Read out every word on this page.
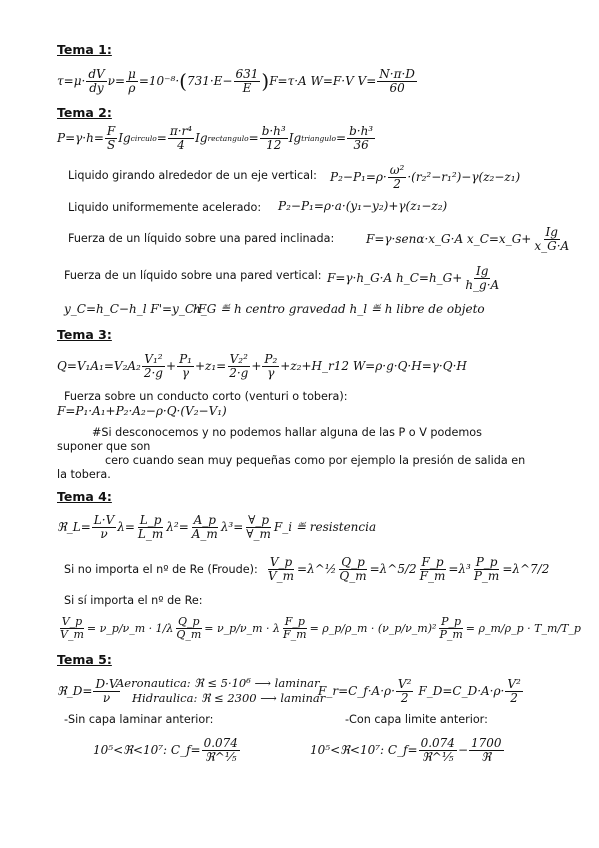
Tema 1:
$\tau=\mu\cdot \frac{dV}{dy} \nu= \frac{\mu}{\rho} =10^{-8}\cdot$ ( $731\cdot E- \frac{631}{E}$ ) F=τ·A W=F·V $V= \frac{N\cdot\pi\cdot D}{60}$
Tema 2:
$P=\gamma\cdot h= \frac{F}{S}$ Ig circulo = $\frac{\text{π·r⁴}}{4}$ Ig rectangulo = $\frac{\text{b·h³}}{12}$ Ig triangulo = $\frac{\text{b·h³}}{36}$
Liquido girando alrededor de un eje vertical: $P_2-P_1=\rho\cdot \frac{\text{ω²}}{2} \cdot(r_2^2-r_1^2)-\gamma(z_2-z_1)$
Liquido uniformemente acelerado: P₂−P₁=ρ·a·(y₁−y₂)+γ(z₁−z₂)
Fuerza de un líquido sobre una pared inclinada:	F=γ·senα·x_G·A x_C=x_G+ $\frac{Ig}{x\_G\cdot A}$
Fuerza de un líquido sobre una pared vertical: F=γ·h_G·A h_C=h_G+ $\frac{Ig}{h\_g\cdot A}$
y_C=h_C−h_l F'=y_C·F
h_G ≝ h centro gravedad h_l ≝ h libre de objeto
Tema 3:
$Q=V_1A_1=V_2A_2 \frac{\text{V₁²}}{2\cdot g} + \frac{\text{P₁}}{\gamma} +z_1= \frac{\text{V₂²}}{2\cdot g} + \frac{\text{P₂}}{\gamma}$ +z₂+H_r12 W=ρ·g·Q·H=γ·Q·H
Fuerza sobre un conducto corto (venturi o tobera):
F=P₁·A₁+P₂·A₂−ρ·Q·(V₂−V₁)
#Si desconocemos y no podemos hallar alguna de las P o V podemos suponer que son
cero cuando sean muy pequeñas como por ejemplo la presión de salida en la tobera.
Tema 4:
ℜ_L= $\frac{L\cdot V}{\nu} \lambda= \frac{L\_p}{L\_m} \lambda^2= \frac{A\_p}{A\_m} \lambda^3= \frac{\forall\_p}{\forall\_m}$ F_i ≝ resistencia
Si no importa el nº de Re (Froude): $\frac{V\_p}{V\_m}$ =λ^½ $\frac{Q\_p}{Q\_m}$ =λ^5/2 $\frac{F\_p}{F\_m} =\lambda^3 \frac{P\_p}{P\_m}$ =λ^7/2
Si sí importa el nº de Re:
$\frac{V\_p}{V\_m}$ = ν_p/ν_m · $1/\lambda \frac{Q\_p}{Q\_m}$ = ν_p/ν_m · λ $\frac{F\_p}{F\_m}$ = ρ_p/ρ_m · (ν_p/ν_m)² $\frac{P\_p}{P\_m}$ = ρ_m/ρ_p · T_m/T_p
Tema 5:
ℜ_D= $\frac{D\cdot V}{\nu}$
Aeronautica: ℜ ≤ 5·10⁶ ⟶ laminar
Hidraulica: ℜ ≤ 2300 ⟶ laminar
F_r=C_f·A·ρ· $\frac{\text{V²}}{2}$ F_D=C_D·A·ρ· $\frac{\text{V²}}{2}$
-Sin capa laminar anterior:	-Con capa limite anterior:
10⁵<ℜ<10⁷: C_f= $\frac{0.074}{\text{ℜ\textasciicircum{}⅕}}$	10⁵<ℜ<10⁷: C_f= $\frac{0.074}{\text{ℜ\textasciicircum{}⅕}} - \frac{1700}{\text{ℜ}}$
